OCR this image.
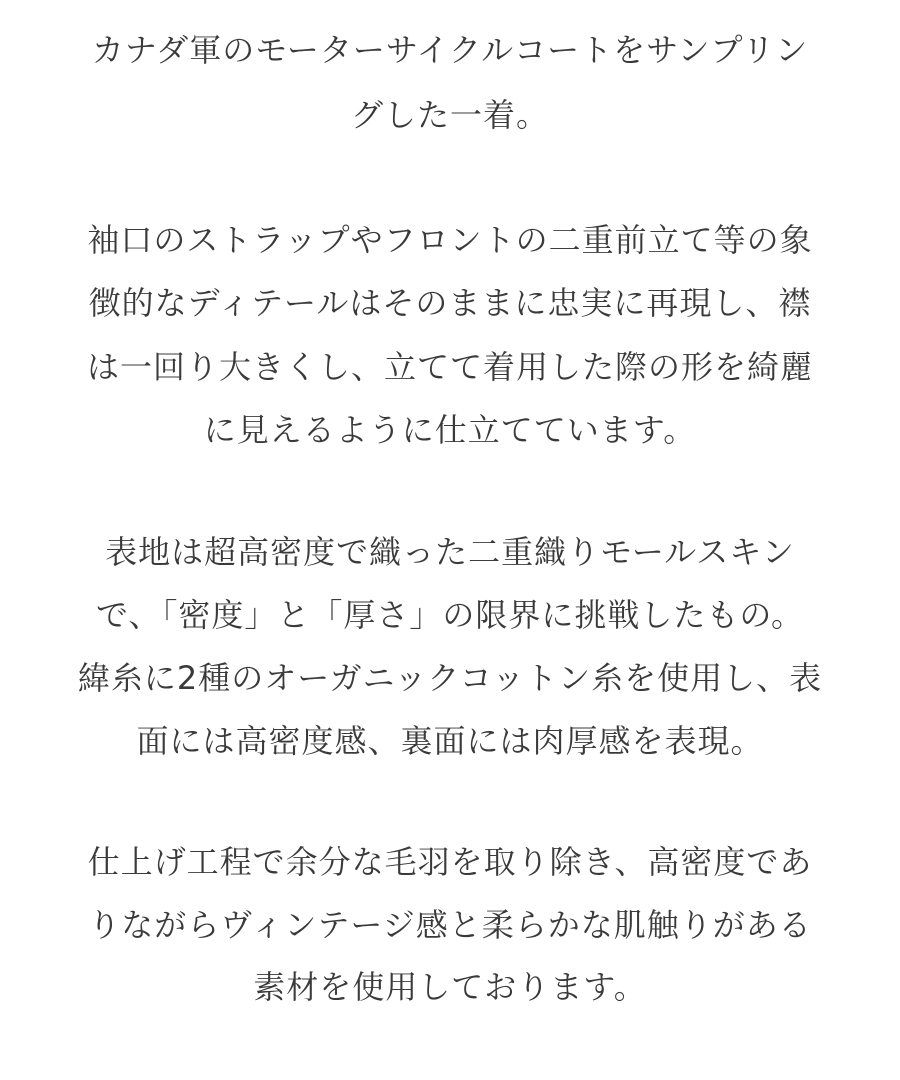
カナダ軍のモーターサイクルコートをサンプリン
グした一着。
袖口のストラップやフロントの二重前立て等の象
徴的なディテールはそのままに忠実に再現し、襟
は一回り大きくし、立てて着用した際の形を綺麗
に見えるように仕立てています。
表地は超高密度で織った二重織りモールスキン
で、「密度」と「厚さ」の限界に挑戦したもの。
緯糸に2種のオーガニックコットン糸を使用し、表
面には高密度感、裏面には肉厚感を表現。
仕上げ工程で余分な毛羽を取り除き、高密度であ
りながらヴィンテージ感と柔らかな肌触りがある
素材を使用しております。
